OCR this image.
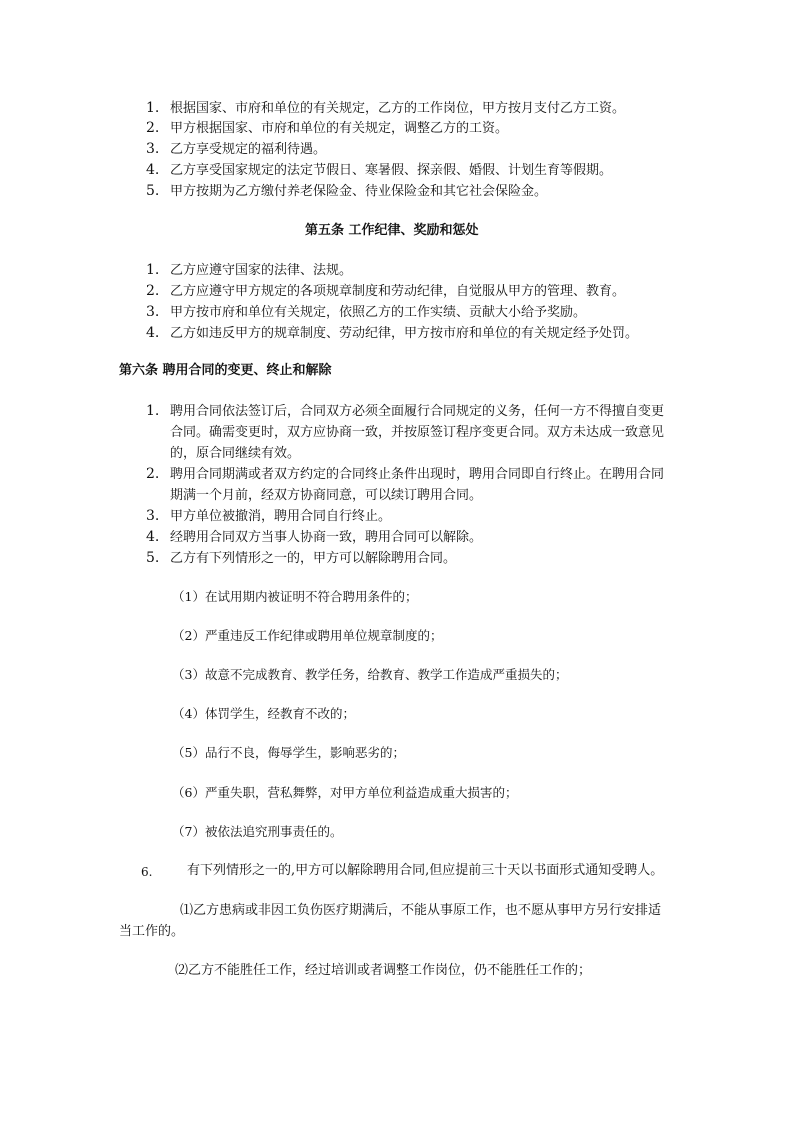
1. 根据国家、市府和单位的有关规定，乙方的工作岗位，甲方按月支付乙方工资。
2. 甲方根据国家、市府和单位的有关规定，调整乙方的工资。
3. 乙方享受规定的福利待遇。
4. 乙方享受国家规定的法定节假日、寒暑假、探亲假、婚假、计划生育等假期。
5. 甲方按期为乙方缴付养老保险金、待业保险金和其它社会保险金。
第五条 工作纪律、奖励和惩处
1. 乙方应遵守国家的法律、法规。
2. 乙方应遵守甲方规定的各项规章制度和劳动纪律，自觉服从甲方的管理、教育。
3. 甲方按市府和单位有关规定，依照乙方的工作实绩、贡献大小给予奖励。
4. 乙方如违反甲方的规章制度、劳动纪律，甲方按市府和单位的有关规定经予处罚。
第六条 聘用合同的变更、终止和解除
1. 聘用合同依法签订后，合同双方必须全面履行合同规定的义务，任何一方不得擅自变更
合同。确需变更时，双方应协商一致，并按原签订程序变更合同。双方未达成一致意见
的，原合同继续有效。
2. 聘用合同期满或者双方约定的合同终止条件出现时，聘用合同即自行终止。在聘用合同
期满一个月前，经双方协商同意，可以续订聘用合同。
3. 甲方单位被撤消，聘用合同自行终止。
4. 经聘用合同双方当事人协商一致，聘用合同可以解除。
5. 乙方有下列情形之一的，甲方可以解除聘用合同。
（1）在试用期内被证明不符合聘用条件的；
（2）严重违反工作纪律或聘用单位规章制度的；
（3）故意不完成教育、教学任务，给教育、教学工作造成严重损失的；
（4）体罚学生，经教育不改的；
（5）品行不良，侮辱学生，影响恶劣的；
（6）严重失职，营私舞弊，对甲方单位利益造成重大损害的；
（7）被依法追究刑事责任的。
6.	有下列情形之一的,甲方可以解除聘用合同,但应提前三十天以书面形式通知受聘人。
⑴乙方患病或非因工负伤医疗期满后，不能从事原工作，也不愿从事甲方另行安排适
当工作的。
⑵乙方不能胜任工作，经过培训或者调整工作岗位，仍不能胜任工作的；
